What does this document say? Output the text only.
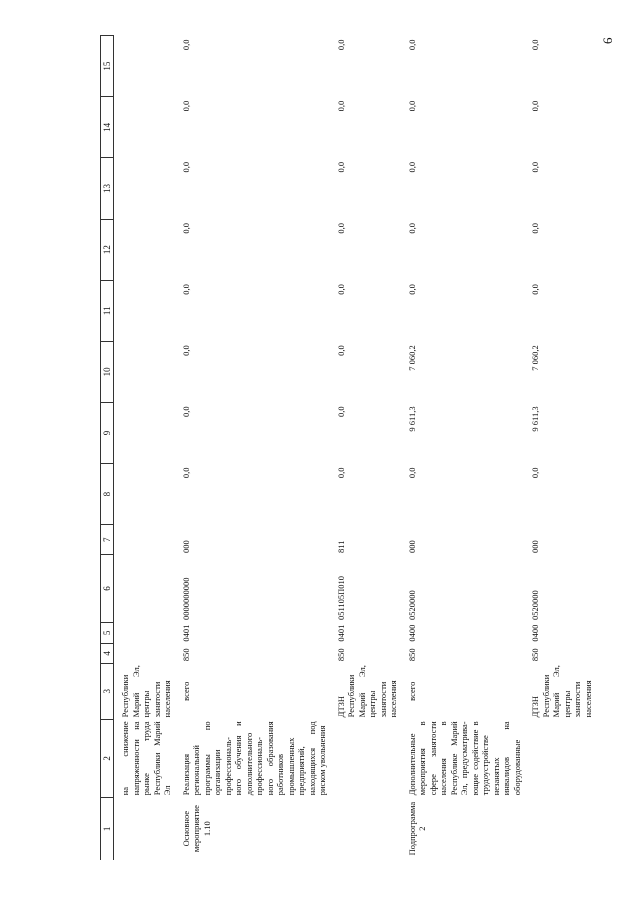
6
1	2	3	4	5	6	7	8	9	10	11	12	13	14	15
	на снижение напряженности на рынке труда Республики Марий Эл	Республики Марий Эл, центры занятости населения												
Основное мероприятие 1.10	Реализация региональной программы по организации профессиональ-ного обучения и дополнительного профессиональ-ного образования работников промышленных предприятий, находящихся под риском увольнения	всего	850	0401	0000000000	000	0,0	0,0	0,0	0,0	0,0	0,0	0,0	0,0
		ДТЗН Республики Марий Эл, центры занятости населения	850	0401	051105П010	811	0,0	0,0	0,0	0,0	0,0	0,0	0,0	0,0
Подпрограмма 2	Дополнительные мероприятия в сфере занятости населения в Республике Марий Эл, предусматрива-ющие содействие в трудоустройстве незанятых инвалидов на оборудованные	всего	850	0400	0520000	000	0,0	9 611,3	7 060,2	0,0	0,0	0,0	0,0	0,0
		ДТЗН Республики Марий Эл, центры занятости населения	850	0400	0520000	000	0,0	9 611,3	7 060,2	0,0	0,0	0,0	0,0	0,0
